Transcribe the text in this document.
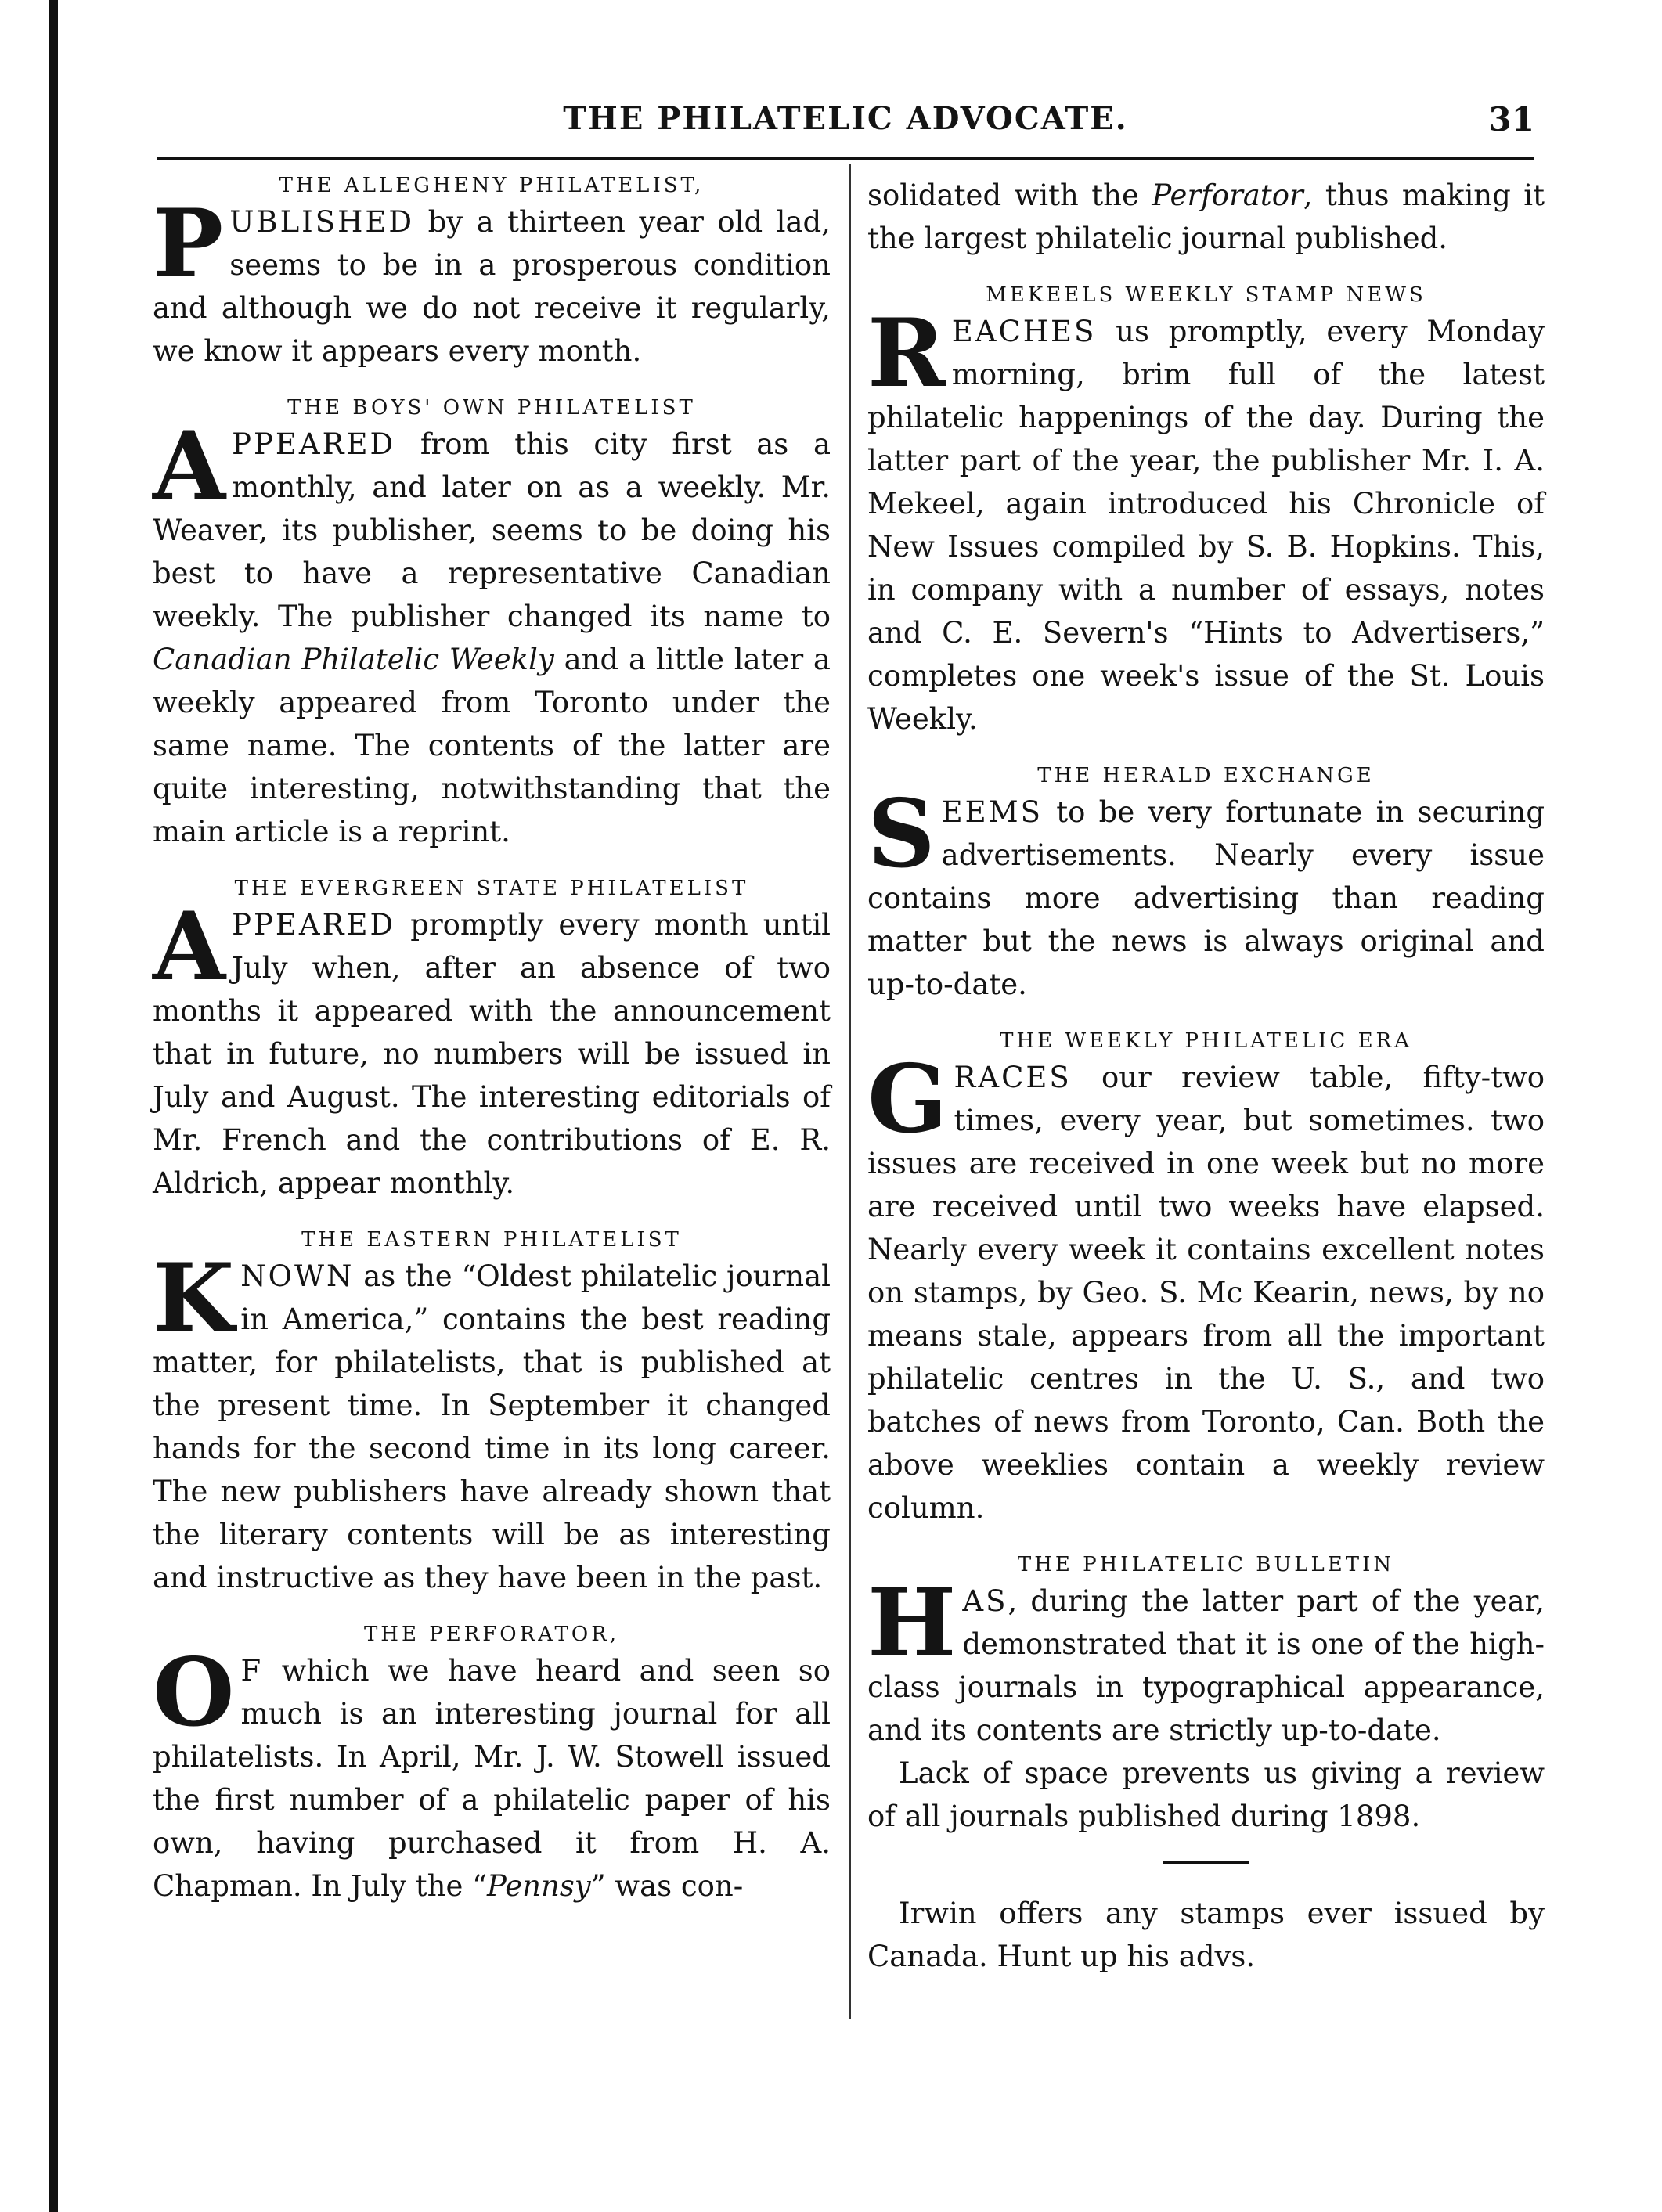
THE PHILATELIC ADVOCATE.	31
THE ALLEGHENY PHILATELIST,

PUBLISHED by a thirteen year old lad, seems to be in a prosperous condition and although we do not receive it regularly, we know it appears every month.

THE BOYS' OWN PHILATELIST

APPEARED from this city first as a monthly, and later on as a weekly. Mr. Weaver, its publisher, seems to be doing his best to have a representative Canadian weekly. The publisher changed its name to Canadian Philatelic Weekly and a little later a weekly appeared from Toronto under the same name. The contents of the latter are quite interesting, notwithstanding that the main article is a reprint.

THE EVERGREEN STATE PHILATELIST

APPEARED promptly every month until July when, after an absence of two months it appeared with the announcement that in future, no numbers will be issued in July and August. The interesting editorials of Mr. French and the contributions of E. R. Aldrich, appear monthly.

THE EASTERN PHILATELIST

KNOWN as the “Oldest philatelic journal in America,” contains the best reading matter, for philatelists, that is published at the present time. In September it changed hands for the second time in its long career. The new publishers have already shown that the literary contents will be as interesting and instructive as they have been in the past.

THE PERFORATOR,

O F which we have heard and seen so much is an interesting journal for all philatelists. In April, Mr. J. W. Stowell issued the first number of a philatelic paper of his own, having purchased it from H. A. Chapman. In July the “Pennsy” was con-

solidated with the Perforator, thus making it the largest philatelic journal published.

MEKEELS WEEKLY STAMP NEWS

REACHES us promptly, every Monday morning, brim full of the latest philatelic happenings of the day. During the latter part of the year, the publisher Mr. I. A. Mekeel, again introduced his Chronicle of New Issues compiled by S. B. Hopkins. This, in company with a number of essays, notes and C. E. Severn's “Hints to Advertisers,” completes one week's issue of the St. Louis Weekly.

THE HERALD EXCHANGE

SEEMS to be very fortunate in securing advertisements. Nearly every issue contains more advertising than reading matter but the news is always original and up-to-date.

THE WEEKLY PHILATELIC ERA

GRACES our review table, fifty-two times, every year, but sometimes. two issues are received in one week but no more are received until two weeks have elapsed. Nearly every week it contains excellent notes on stamps, by Geo. S. Mc Kearin, news, by no means stale, appears from all the important philatelic centres in the U. S., and two batches of news from Toronto, Can. Both the above weeklies contain a weekly review column.

THE PHILATELIC BULLETIN

HAS, during the latter part of the year, demonstrated that it is one of the high-class journals in typographical appearance, and its contents are strictly up-to-date.

Lack of space prevents us giving a review of all journals published during 1898.

Irwin offers any stamps ever issued by Canada. Hunt up his advs.
